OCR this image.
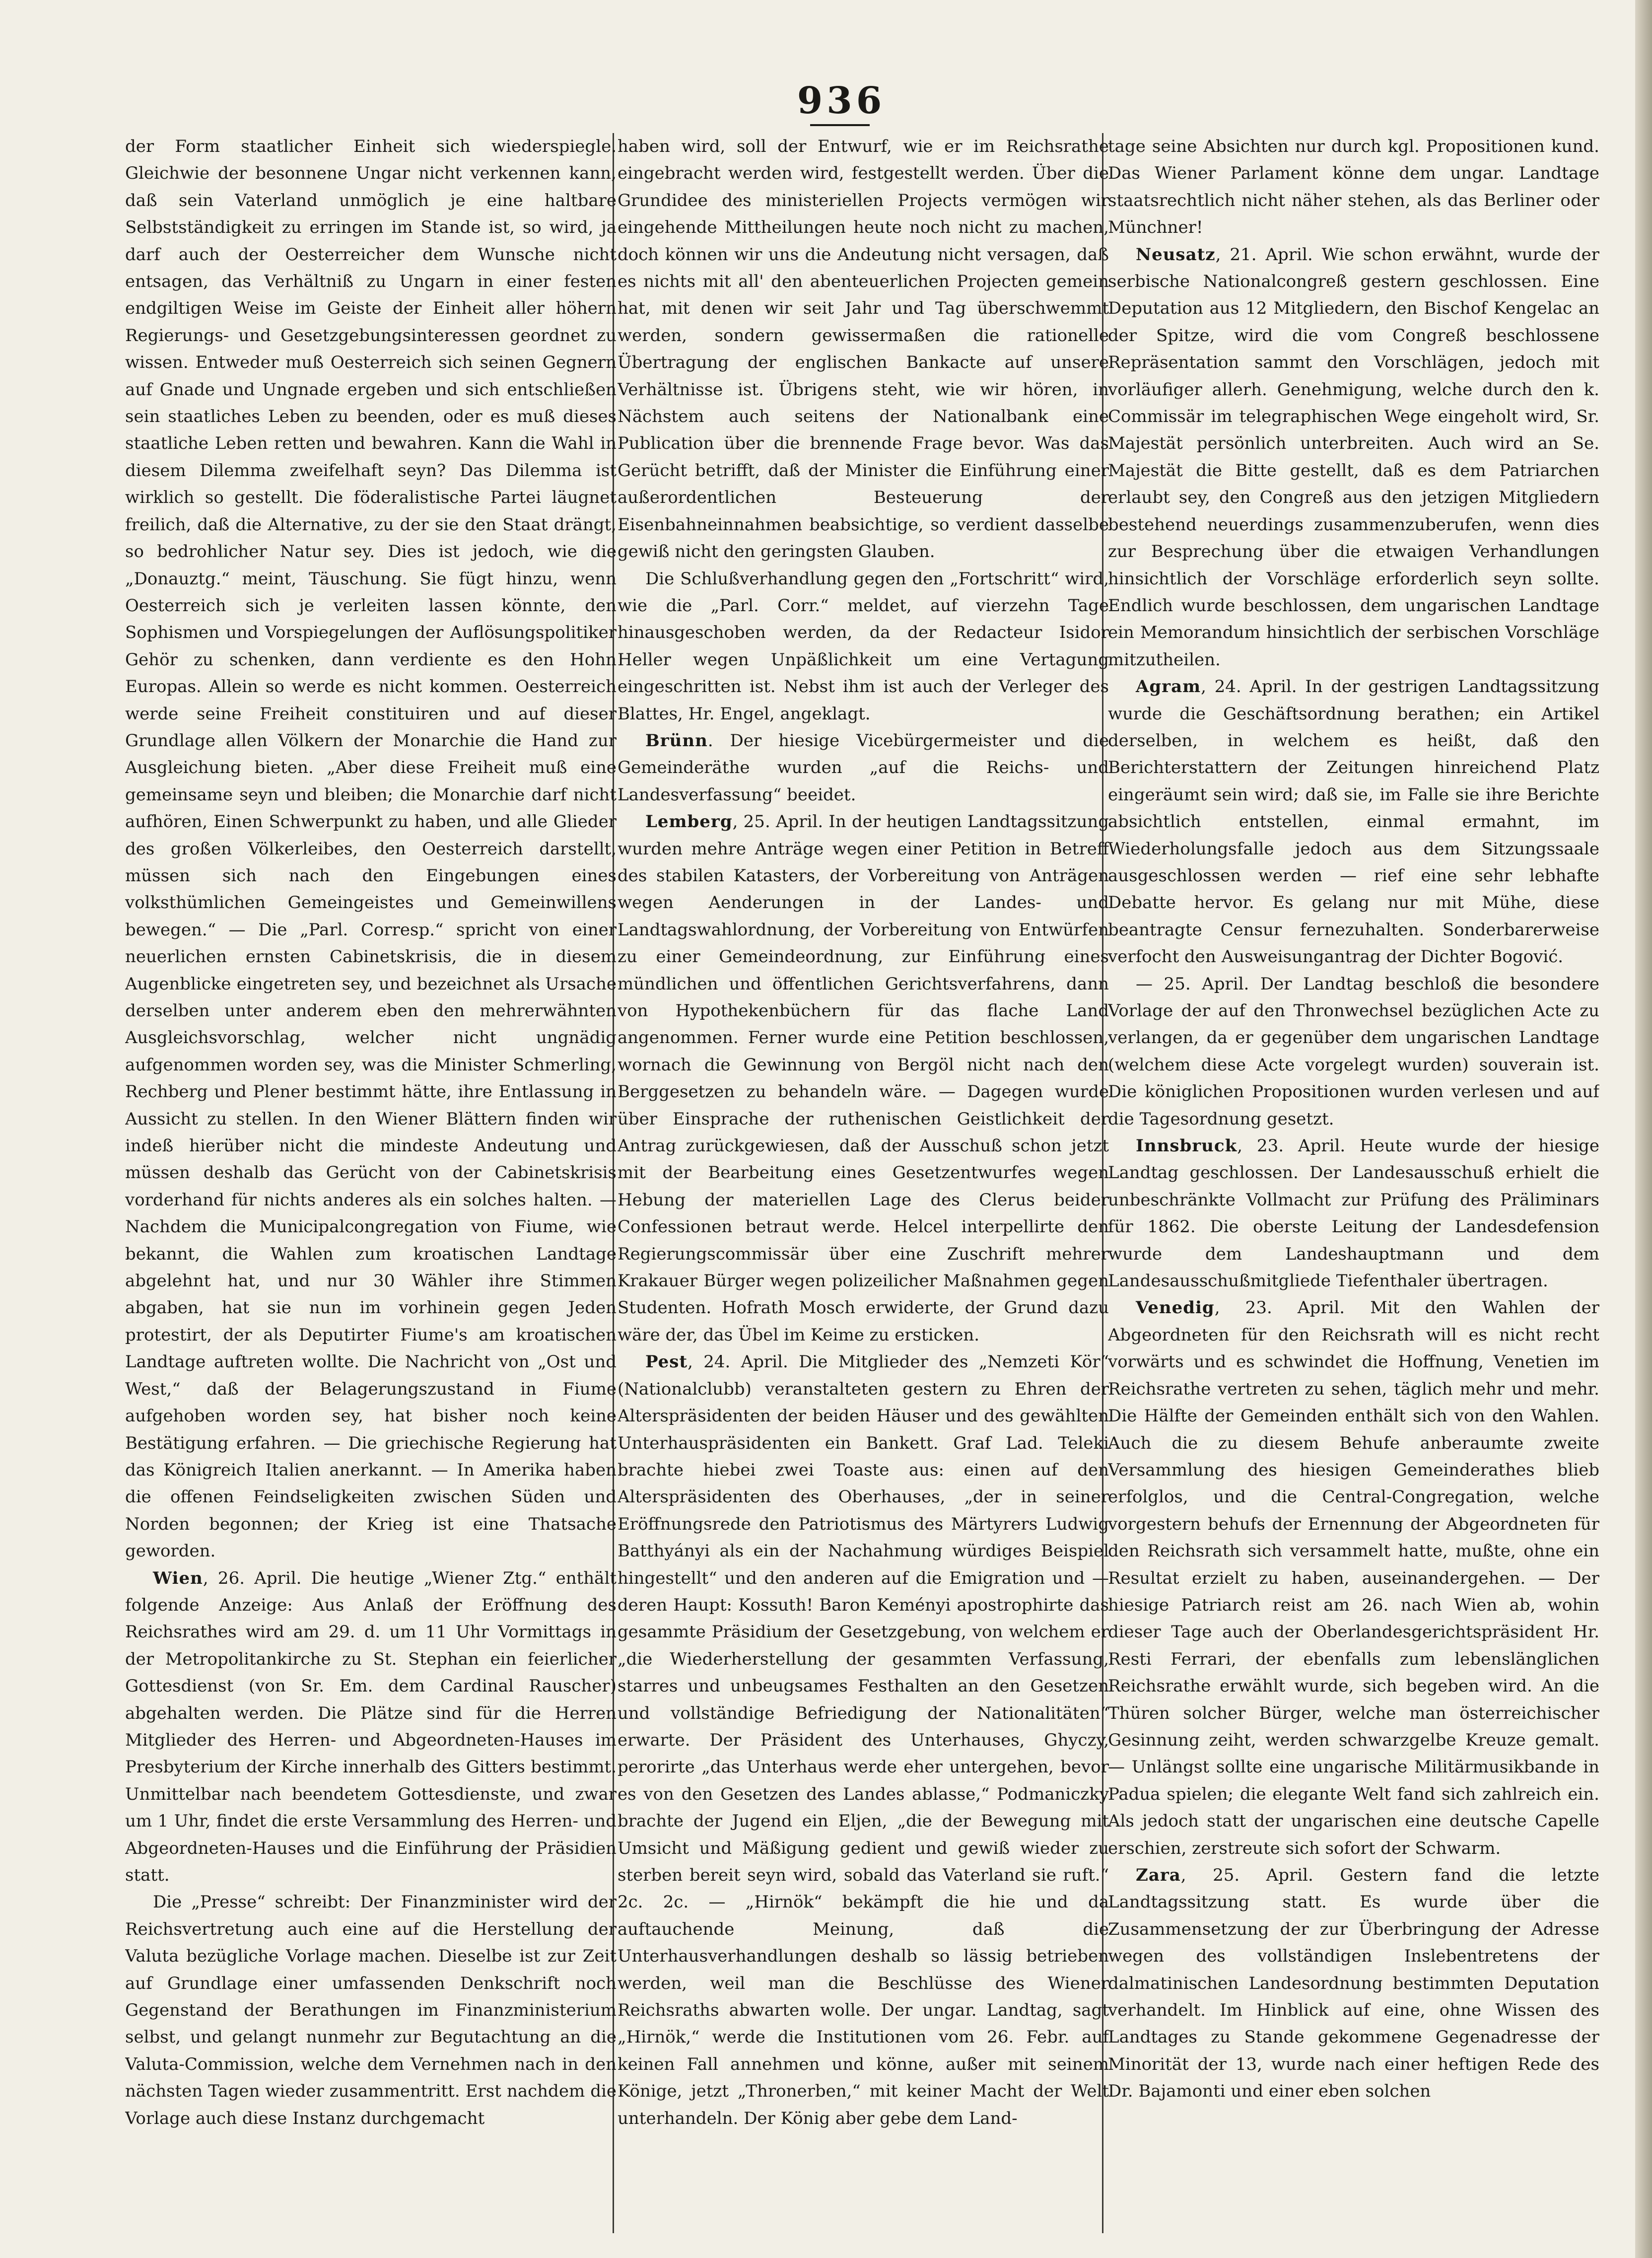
936

der Form staatlicher Einheit sich wiederspiegle. Gleichwie der besonnene Ungar nicht verkennen kann, daß sein Vaterland unmöglich je eine haltbare Selbstständigkeit zu erringen im Stande ist, so wird, ja darf auch der Oesterreicher dem Wunsche nicht entsagen, das Verhältniß zu Ungarn in einer festen endgiltigen Weise im Geiste der Einheit aller höhern Regierungs- und Gesetzgebungsinteressen geordnet zu wissen. Entweder muß Oesterreich sich seinen Gegnern auf Gnade und Ungnade ergeben und sich entschließen sein staatliches Leben zu beenden, oder es muß dieses staatliche Leben retten und bewahren. Kann die Wahl in diesem Dilemma zweifelhaft seyn? Das Dilemma ist wirklich so gestellt. Die föderalistische Partei läugnet freilich, daß die Alternative, zu der sie den Staat drängt, so bedrohlicher Natur sey. Dies ist jedoch, wie die „Donauztg.“ meint, Täuschung. Sie fügt hinzu, wenn Oesterreich sich je verleiten lassen könnte, den Sophismen und Vorspiegelungen der Auflösungspolitiker Gehör zu schenken, dann verdiente es den Hohn Europas. Allein so werde es nicht kommen. Oesterreich werde seine Freiheit constituiren und auf dieser Grundlage allen Völkern der Monarchie die Hand zur Ausgleichung bieten. „Aber diese Freiheit muß eine gemeinsame seyn und bleiben; die Monarchie darf nicht aufhören, Einen Schwerpunkt zu haben, und alle Glieder des großen Völkerleibes, den Oesterreich darstellt, müssen sich nach den Eingebungen eines volksthümlichen Gemeingeistes und Gemeinwillens bewegen.“ — Die „Parl. Corresp.“ spricht von einer neuerlichen ernsten Cabinetskrisis, die in diesem Augenblicke eingetreten sey, und bezeichnet als Ursache derselben unter anderem eben den mehrerwähnten Ausgleichsvorschlag, welcher nicht ungnädig aufgenommen worden sey, was die Minister Schmerling, Rechberg und Plener bestimmt hätte, ihre Entlassung in Aussicht zu stellen. In den Wiener Blättern finden wir indeß hierüber nicht die mindeste Andeutung und müssen deshalb das Gerücht von der Cabinetskrisis vorderhand für nichts anderes als ein solches halten. — Nachdem die Municipalcongregation von Fiume, wie bekannt, die Wahlen zum kroatischen Landtage abgelehnt hat, und nur 30 Wähler ihre Stimmen abgaben, hat sie nun im vorhinein gegen Jeden protestirt, der als Deputirter Fiume's am kroatischen Landtage auftreten wollte. Die Nachricht von „Ost und West,“ daß der Belagerungszustand in Fiume aufgehoben worden sey, hat bisher noch keine Bestätigung erfahren. — Die griechische Regierung hat das Königreich Italien anerkannt. — In Amerika haben die offenen Feindseligkeiten zwischen Süden und Norden begonnen; der Krieg ist eine Thatsache geworden.

Wien, 26. April. Die heutige „Wiener Ztg.“ enthält folgende Anzeige: Aus Anlaß der Eröffnung des Reichsrathes wird am 29. d. um 11 Uhr Vormittags in der Metropolitankirche zu St. Stephan ein feierlicher Gottesdienst (von Sr. Em. dem Cardinal Rauscher) abgehalten werden. Die Plätze sind für die Herren Mitglieder des Herren- und Abgeordneten-Hauses im Presbyterium der Kirche innerhalb des Gitters bestimmt. Unmittelbar nach beendetem Gottesdienste, und zwar um 1 Uhr, findet die erste Versammlung des Herren- und Abgeordneten-Hauses und die Einführung der Präsidien statt.

Die „Presse“ schreibt: Der Finanzminister wird der Reichsvertretung auch eine auf die Herstellung der Valuta bezügliche Vorlage machen. Dieselbe ist zur Zeit auf Grundlage einer umfassenden Denkschrift noch Gegenstand der Berathungen im Finanzministerium selbst, und gelangt nunmehr zur Begutachtung an die Valuta-Commission, welche dem Vernehmen nach in den nächsten Tagen wieder zusammentritt. Erst nachdem die Vorlage auch diese Instanz durchgemacht

haben wird, soll der Entwurf, wie er im Reichsrathe eingebracht werden wird, festgestellt werden. Über die Grundidee des ministeriellen Projects vermögen wir eingehende Mittheilungen heute noch nicht zu machen, doch können wir uns die Andeutung nicht versagen, daß es nichts mit all' den abenteuerlichen Projecten gemein hat, mit denen wir seit Jahr und Tag überschwemmt werden, sondern gewissermaßen die rationelle Übertragung der englischen Bankacte auf unsere Verhältnisse ist. Übrigens steht, wie wir hören, in Nächstem auch seitens der Nationalbank eine Publication über die brennende Frage bevor. Was das Gerücht betrifft, daß der Minister die Einführung einer außerordentlichen Besteuerung der Eisenbahneinnahmen beabsichtige, so verdient dasselbe gewiß nicht den geringsten Glauben.

Die Schlußverhandlung gegen den „Fortschritt“ wird, wie die „Parl. Corr.“ meldet, auf vierzehn Tage hinausgeschoben werden, da der Redacteur Isidor Heller wegen Unpäßlichkeit um eine Vertagung eingeschritten ist. Nebst ihm ist auch der Verleger des Blattes, Hr. Engel, angeklagt.

Brünn. Der hiesige Vicebürgermeister und die Gemeinderäthe wurden „auf die Reichs- und Landesverfassung“ beeidet.

Lemberg, 25. April. In der heutigen Landtagssitzung wurden mehre Anträge wegen einer Petition in Betreff des stabilen Katasters, der Vorbereitung von Anträgen wegen Aenderungen in der Landes- und Landtagswahlordnung, der Vorbereitung von Entwürfen zu einer Gemeindeordnung, zur Einführung eines mündlichen und öffentlichen Gerichtsverfahrens, dann von Hypothekenbüchern für das flache Land angenommen. Ferner wurde eine Petition beschlossen, wornach die Gewinnung von Bergöl nicht nach den Berggesetzen zu behandeln wäre. — Dagegen wurde über Einsprache der ruthenischen Geistlichkeit der Antrag zurückgewiesen, daß der Ausschuß schon jetzt mit der Bearbeitung eines Gesetzentwurfes wegen Hebung der materiellen Lage des Clerus beider Confessionen betraut werde. Helcel interpellirte den Regierungscommissär über eine Zuschrift mehrer Krakauer Bürger wegen polizeilicher Maßnahmen gegen Studenten. Hofrath Mosch erwiderte, der Grund dazu wäre der, das Übel im Keime zu ersticken.

Pest, 24. April. Die Mitglieder des „Nemzeti Kör“ (Nationalclubb) veranstalteten gestern zu Ehren der Alterspräsidenten der beiden Häuser und des gewählten Unterhauspräsidenten ein Bankett. Graf Lad. Teleki brachte hiebei zwei Toaste aus: einen auf den Alterspräsidenten des Oberhauses, „der in seiner Eröffnungsrede den Patriotismus des Märtyrers Ludwig Batthyányi als ein der Nachahmung würdiges Beispiel hingestellt“ und den anderen auf die Emigration und — deren Haupt: Kossuth! Baron Keményi apostrophirte das gesammte Präsidium der Gesetzgebung, von welchem er „die Wiederherstellung der gesammten Verfassung, starres und unbeugsames Festhalten an den Gesetzen und vollständige Befriedigung der Nationalitäten“ erwarte. Der Präsident des Unterhauses, Ghyczy, perorirte „das Unterhaus werde eher untergehen, bevor es von den Gesetzen des Landes ablasse,“ Podmaniczky brachte der Jugend ein Eljen, „die der Bewegung mit Umsicht und Mäßigung gedient und gewiß wieder zu sterben bereit seyn wird, sobald das Vaterland sie ruft.“ 2c. 2c. — „Hirnök“ bekämpft die hie und da auftauchende Meinung, daß die Unterhausverhandlungen deshalb so lässig betrieben werden, weil man die Beschlüsse des Wiener Reichsraths abwarten wolle. Der ungar. Landtag, sagt „Hirnök,“ werde die Institutionen vom 26. Febr. auf keinen Fall annehmen und könne, außer mit seinem Könige, jetzt „Thronerben,“ mit keiner Macht der Welt unterhandeln. Der König aber gebe dem Land-

tage seine Absichten nur durch kgl. Propositionen kund. Das Wiener Parlament könne dem ungar. Landtage staatsrechtlich nicht näher stehen, als das Berliner oder Münchner!

Neusatz, 21. April. Wie schon erwähnt, wurde der serbische Nationalcongreß gestern geschlossen. Eine Deputation aus 12 Mitgliedern, den Bischof Kengelac an der Spitze, wird die vom Congreß beschlossene Repräsentation sammt den Vorschlägen, jedoch mit vorläufiger allerh. Genehmigung, welche durch den k. Commissär im telegraphischen Wege eingeholt wird, Sr. Majestät persönlich unterbreiten. Auch wird an Se. Majestät die Bitte gestellt, daß es dem Patriarchen erlaubt sey, den Congreß aus den jetzigen Mitgliedern bestehend neuerdings zusammenzuberufen, wenn dies zur Besprechung über die etwaigen Verhandlungen hinsichtlich der Vorschläge erforderlich seyn sollte. Endlich wurde beschlossen, dem ungarischen Landtage ein Memorandum hinsichtlich der serbischen Vorschläge mitzutheilen.

Agram, 24. April. In der gestrigen Landtagssitzung wurde die Geschäftsordnung berathen; ein Artikel derselben, in welchem es heißt, daß den Berichterstattern der Zeitungen hinreichend Platz eingeräumt sein wird; daß sie, im Falle sie ihre Berichte absichtlich entstellen, einmal ermahnt, im Wiederholungsfalle jedoch aus dem Sitzungssaale ausgeschlossen werden — rief eine sehr lebhafte Debatte hervor. Es gelang nur mit Mühe, diese beantragte Censur fernezuhalten. Sonderbarerweise verfocht den Ausweisungantrag der Dichter Bogović.

— 25. April. Der Landtag beschloß die besondere Vorlage der auf den Thronwechsel bezüglichen Acte zu verlangen, da er gegenüber dem ungarischen Landtage (welchem diese Acte vorgelegt wurden) souverain ist. Die königlichen Propositionen wurden verlesen und auf die Tagesordnung gesetzt.

Innsbruck, 23. April. Heute wurde der hiesige Landtag geschlossen. Der Landesausschuß erhielt die unbeschränkte Vollmacht zur Prüfung des Präliminars für 1862. Die oberste Leitung der Landesdefension wurde dem Landeshauptmann und dem Landesausschußmitgliede Tiefenthaler übertragen.

Venedig, 23. April. Mit den Wahlen der Abgeordneten für den Reichsrath will es nicht recht vorwärts und es schwindet die Hoffnung, Venetien im Reichsrathe vertreten zu sehen, täglich mehr und mehr. Die Hälfte der Gemeinden enthält sich von den Wahlen. Auch die zu diesem Behufe anberaumte zweite Versammlung des hiesigen Gemeinderathes blieb erfolglos, und die Central-Congregation, welche vorgestern behufs der Ernennung der Abgeordneten für den Reichsrath sich versammelt hatte, mußte, ohne ein Resultat erzielt zu haben, auseinandergehen. — Der hiesige Patriarch reist am 26. nach Wien ab, wohin dieser Tage auch der Oberlandesgerichtspräsident Hr. Resti Ferrari, der ebenfalls zum lebenslänglichen Reichsrathe erwählt wurde, sich begeben wird. An die Thüren solcher Bürger, welche man österreichischer Gesinnung zeiht, werden schwarzgelbe Kreuze gemalt. — Unlängst sollte eine ungarische Militärmusikbande in Padua spielen; die elegante Welt fand sich zahlreich ein. Als jedoch statt der ungarischen eine deutsche Capelle erschien, zerstreute sich sofort der Schwarm.

Zara, 25. April. Gestern fand die letzte Landtagssitzung statt. Es wurde über die Zusammensetzung der zur Überbringung der Adresse wegen des vollständigen Inslebentretens der dalmatinischen Landesordnung bestimmten Deputation verhandelt. Im Hinblick auf eine, ohne Wissen des Landtages zu Stande gekommene Gegenadresse der Minorität der 13, wurde nach einer heftigen Rede des Dr. Bajamonti und einer eben solchen
